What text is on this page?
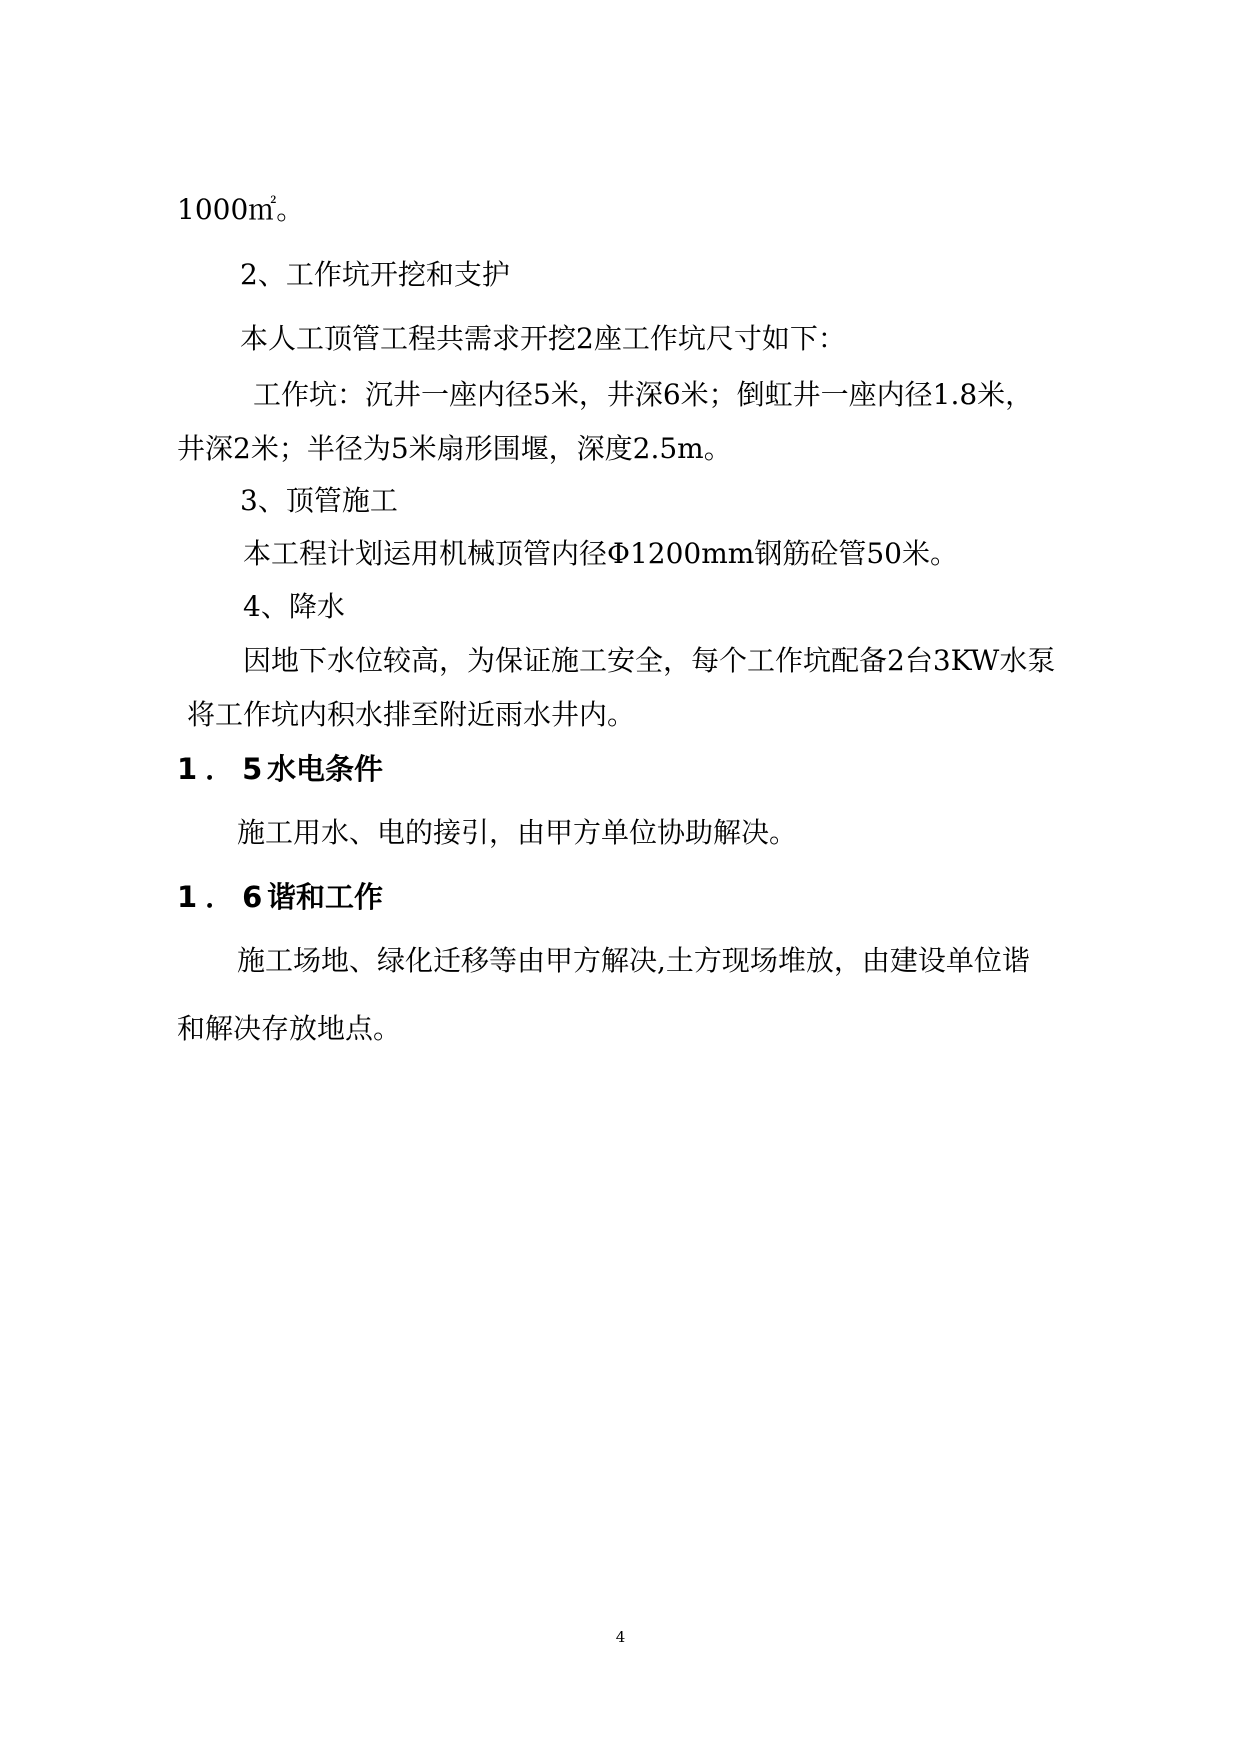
1000㎡。
2、工作坑开挖和支护
本人工顶管工程共需求开挖2座工作坑尺寸如下：
工作坑：沉井一座内径5米，井深6米；倒虹井一座内径1.8米，
井深2米；半径为5米扇形围堰，深度2.5m。
3、顶管施工
本工程计划运用机械顶管内径Φ1200mm钢筋砼管50米。
4、降水
因地下水位较高，为保证施工安全，每个工作坑配备2台3KW水泵
将工作坑内积水排至附近雨水井内。
1．5水电条件
施工用水、电的接引，由甲方单位协助解决。
1．6谐和工作
施工场地、绿化迁移等由甲方解决,土方现场堆放，由建设单位谐
和解决存放地点。
4
